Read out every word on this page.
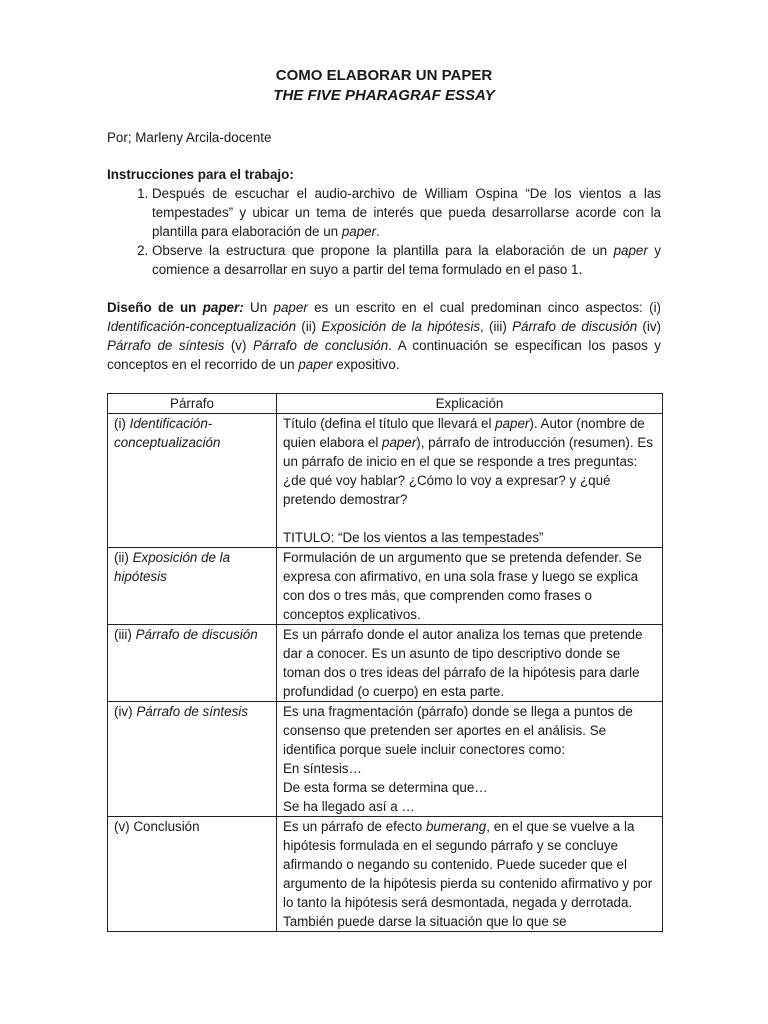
COMO ELABORAR UN PAPER
THE FIVE PHARAGRAF ESSAY
Por; Marleny Arcila-docente
Instrucciones para el trabajo:
1. Después de escuchar el audio-archivo de William Ospina “De los vientos a las tempestades” y ubicar un tema de interés que pueda desarrollarse acorde con la plantilla para elaboración de un paper.
2. Observe la estructura que propone la plantilla para la elaboración de un paper y comience a desarrollar en suyo a partir del tema formulado en el paso 1.
Diseño de un paper: Un paper es un escrito en el cual predominan cinco aspectos: (i) Identificación-conceptualización (ii) Exposición de la hipótesis, (iii) Párrafo de discusión (iv) Párrafo de síntesis (v) Párrafo de conclusión. A continuación se especifican los pasos y conceptos en el recorrido de un paper expositivo.
Párrafo	Explicación
(i) Identificación-conceptualización	Título (defina el título que llevará el paper). Autor (nombre de quien elabora el paper), párrafo de introducción (resumen). Es un párrafo de inicio en el que se responde a tres preguntas: ¿de qué voy hablar? ¿Cómo lo voy a expresar? y ¿qué pretendo demostrar?
TITULO: “De los vientos a las tempestades”

(ii) Exposición de la hipótesis	Formulación de un argumento que se pretenda defender. Se expresa con afirmativo, en una sola frase y luego se explica con dos o tres más, que comprenden como frases o conceptos explicativos.
(iii) Párrafo de discusión	Es un párrafo donde el autor analiza los temas que pretende dar a conocer. Es un asunto de tipo descriptivo donde se toman dos o tres ideas del párrafo de la hipótesis para darle profundidad (o cuerpo) en esta parte.
(iv) Párrafo de síntesis	Es una fragmentación (párrafo) donde se llega a puntos de consenso que pretenden ser aportes en el análisis. Se identifica porque suele incluir conectores como:
En síntesis…
De esta forma se determina que…
Se ha llegado así a …

(v) Conclusión	Es un párrafo de efecto bumerang, en el que se vuelve a la hipótesis formulada en el segundo párrafo y se concluye afirmando o negando su contenido. Puede suceder que el argumento de la hipótesis pierda su contenido afirmativo y por lo tanto la hipótesis será desmontada, negada y derrotada. También puede darse la situación que lo que se
